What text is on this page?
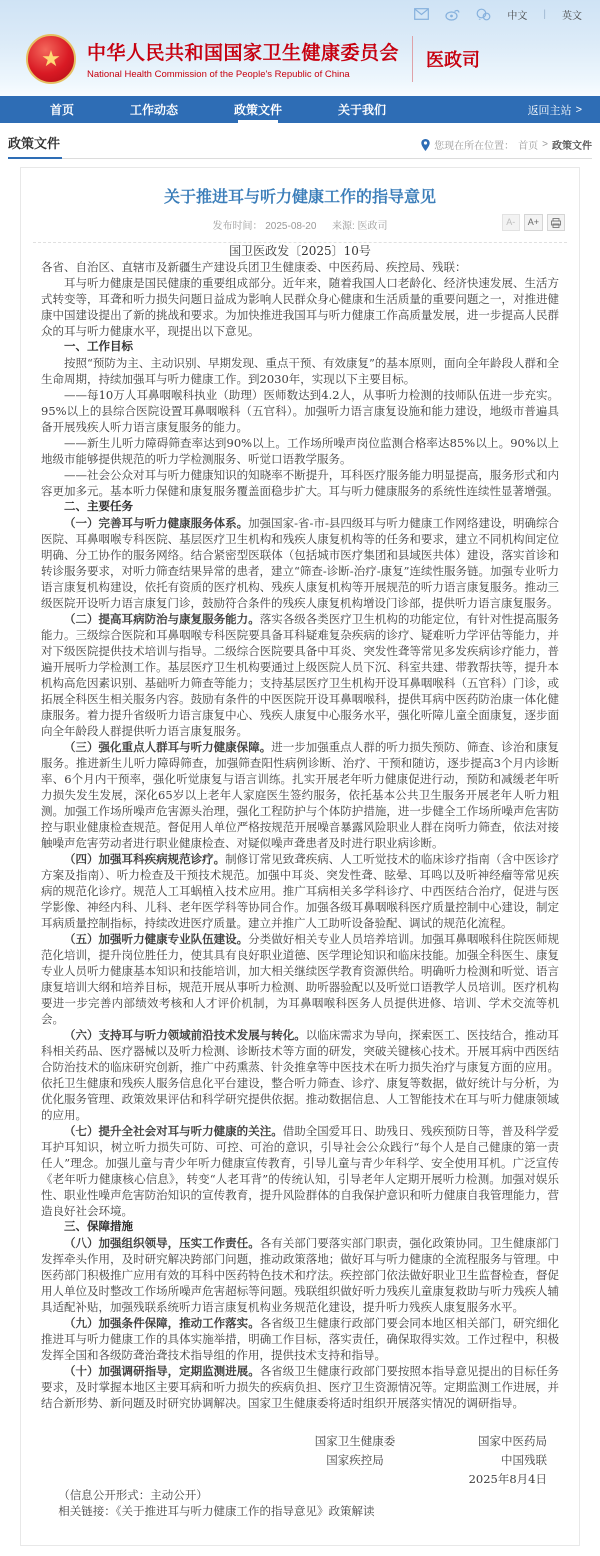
中文 | 英文
★	中华人民共和国国家卫生健康委员会
National Health Commission of the People's Republic of China
医政司
首页	工作动态	政策文件	关于我们	返回主站 >
政策文件	您现在所在位置： 首页 > 政策文件
关于推进耳与听力健康工作的指导意见
发布时间： 2025-08-20 来源: 医政司	A-	A+

国卫医政发〔2025〕10号

各省、自治区、直辖市及新疆生产建设兵团卫生健康委、中医药局、疾控局、残联：

耳与听力健康是国民健康的重要组成部分。近年来，随着我国人口老龄化、经济快速发展、生活方式转变等，耳聋和听力损失问题日益成为影响人民群众身心健康和生活质量的重要问题之一，对推进健康中国建设提出了新的挑战和要求。为加快推进我国耳与听力健康工作高质量发展，进一步提高人民群众的耳与听力健康水平，现提出以下意见。

一、工作目标

按照“预防为主、主动识别、早期发现、重点干预、有效康复”的基本原则，面向全年龄段人群和全生命周期，持续加强耳与听力健康工作。到2030年，实现以下主要目标。

——每10万人耳鼻咽喉科执业（助理）医师数达到4.2人，从事听力检测的技师队伍进一步充实。95%以上的县综合医院设置耳鼻咽喉科（五官科）。加强听力语言康复设施和能力建设，地级市普遍具备开展残疾人听力语言康复服务的能力。

——新生儿听力障碍筛查率达到90%以上。工作场所噪声岗位监测合格率达85%以上。90%以上地级市能够提供规范的听力学检测服务、听觉口语教学服务。

——社会公众对耳与听力健康知识的知晓率不断提升，耳科医疗服务能力明显提高，服务形式和内容更加多元。基本听力保健和康复服务覆盖面稳步扩大。耳与听力健康服务的系统性连续性显著增强。

二、主要任务

（一）完善耳与听力健康服务体系。加强国家-省-市-县四级耳与听力健康工作网络建设，明确综合医院、耳鼻咽喉专科医院、基层医疗卫生机构和残疾人康复机构等的任务和要求，建立不同机构间定位明确、分工协作的服务网络。结合紧密型医联体（包括城市医疗集团和县域医共体）建设，落实首诊和转诊服务要求，对听力筛查结果异常的患者，建立“筛查-诊断-治疗-康复”连续性服务链。加强专业听力语言康复机构建设，依托有资质的医疗机构、残疾人康复机构等开展规范的听力语言康复服务。推动三级医院开设听力语言康复门诊，鼓励符合条件的残疾人康复机构增设门诊部，提供听力语言康复服务。

（二）提高耳病防治与康复服务能力。落实各级各类医疗卫生机构的功能定位，有针对性提高服务能力。三级综合医院和耳鼻咽喉专科医院要具备耳科疑难复杂疾病的诊疗、疑难听力学评估等能力，并对下级医院提供技术培训与指导。二级综合医院要具备中耳炎、突发性聋等常见多发疾病诊疗能力，普遍开展听力学检测工作。基层医疗卫生机构要通过上级医院人员下沉、科室共建、带教帮扶等，提升本机构高危因素识别、基础听力筛查等能力；支持基层医疗卫生机构开设耳鼻咽喉科（五官科）门诊，或拓展全科医生相关服务内容。鼓励有条件的中医医院开设耳鼻咽喉科，提供耳病中医药防治康一体化健康服务。着力提升省级听力语言康复中心、残疾人康复中心服务水平，强化听障儿童全面康复，逐步面向全年龄段人群提供听力语言康复服务。

（三）强化重点人群耳与听力健康保障。进一步加强重点人群的听力损失预防、筛查、诊治和康复服务。推进新生儿听力障碍筛查，加强筛查阳性病例诊断、治疗、干预和随访，逐步提高3个月内诊断率、6个月内干预率，强化听觉康复与语言训练。扎实开展老年听力健康促进行动，预防和减缓老年听力损失发生发展，深化65岁以上老年人家庭医生签约服务，依托基本公共卫生服务开展老年人听力粗测。加强工作场所噪声危害源头治理，强化工程防护与个体防护措施，进一步健全工作场所噪声危害防控与职业健康检查规范。督促用人单位严格按规范开展噪音暴露风险职业人群在岗听力筛查，依法对接触噪声危害劳动者进行职业健康检查、对疑似噪声聋患者及时进行职业病诊断。

（四）加强耳科疾病规范诊疗。制修订常见致聋疾病、人工听觉技术的临床诊疗指南（含中医诊疗方案及指南）、听力检查及干预技术规范。加强中耳炎、突发性聋、眩晕、耳鸣以及听神经瘤等常见疾病的规范化诊疗。规范人工耳蜗植入技术应用。推广耳病相关多学科诊疗、中西医结合治疗，促进与医学影像、神经内科、儿科、老年医学科等协同合作。加强各级耳鼻咽喉科医疗质量控制中心建设，制定耳病质量控制指标，持续改进医疗质量。建立并推广人工助听设备验配、调试的规范化流程。

（五）加强听力健康专业队伍建设。分类做好相关专业人员培养培训。加强耳鼻咽喉科住院医师规范化培训，提升岗位胜任力，使其具有良好职业道德、医学理论知识和临床技能。加强全科医生、康复专业人员听力健康基本知识和技能培训，加大相关继续医学教育资源供给。明确听力检测和听觉、语言康复培训大纲和培养目标，规范开展从事听力检测、助听器验配以及听觉口语教学人员培训。医疗机构要进一步完善内部绩效考核和人才评价机制，为耳鼻咽喉科医务人员提供进修、培训、学术交流等机会。

（六）支持耳与听力领域前沿技术发展与转化。以临床需求为导向，探索医工、医技结合，推动耳科相关药品、医疗器械以及听力检测、诊断技术等方面的研发，突破关键核心技术。开展耳病中西医结合防治技术的临床研究创新，推广中药熏蒸、针灸推拿等中医技术在听力损失治疗与康复方面的应用。依托卫生健康和残疾人服务信息化平台建设，整合听力筛查、诊疗、康复等数据，做好统计与分析，为优化服务管理、政策效果评估和科学研究提供依据。推动数据信息、人工智能技术在耳与听力健康领域的应用。

（七）提升全社会对耳与听力健康的关注。借助全国爱耳日、助残日、残疾预防日等，普及科学爱耳护耳知识，树立听力损失可防、可控、可治的意识，引导社会公众践行“每个人是自己健康的第一责任人”理念。加强儿童与青少年听力健康宣传教育，引导儿童与青少年科学、安全使用耳机。广泛宣传《老年听力健康核心信息》，转变“人老耳背”的传统认知，引导老年人定期开展听力检测。加强对娱乐性、职业性噪声危害防治知识的宣传教育，提升风险群体的自我保护意识和听力健康自我管理能力，营造良好社会环境。

三、保障措施

（八）加强组织领导，压实工作责任。各有关部门要落实部门职责，强化政策协同。卫生健康部门发挥牵头作用，及时研究解决跨部门问题，推动政策落地；做好耳与听力健康的全流程服务与管理。中医药部门积极推广应用有效的耳科中医药特色技术和疗法。疾控部门依法做好职业卫生监督检查，督促用人单位及时整改工作场所噪声危害超标等问题。残联组织做好听力残疾儿童康复救助与听力残疾人辅具适配补贴，加强残联系统听力语言康复机构业务规范化建设，提升听力残疾人康复服务水平。

（九）加强条件保障，推动工作落实。各省级卫生健康行政部门要会同本地区相关部门，研究细化推进耳与听力健康工作的具体实施举措，明确工作目标，落实责任，确保取得实效。工作过程中，积极发挥全国和各级防聋治聋技术指导组的作用，提供技术支持和指导。

（十）加强调研指导，定期监测进展。各省级卫生健康行政部门要按照本指导意见提出的目标任务要求，及时掌握本地区主要耳病和听力损失的疾病负担、医疗卫生资源情况等。定期监测工作进展，并结合新形势、新问题及时研究协调解决。国家卫生健康委将适时组织开展落实情况的调研指导。

国家卫生健康委	国家中医药局
国家疾控局	中国残联
2025年8月4日

（信息公开形式：主动公开）

相关链接：《关于推进耳与听力健康工作的指导意见》政策解读
